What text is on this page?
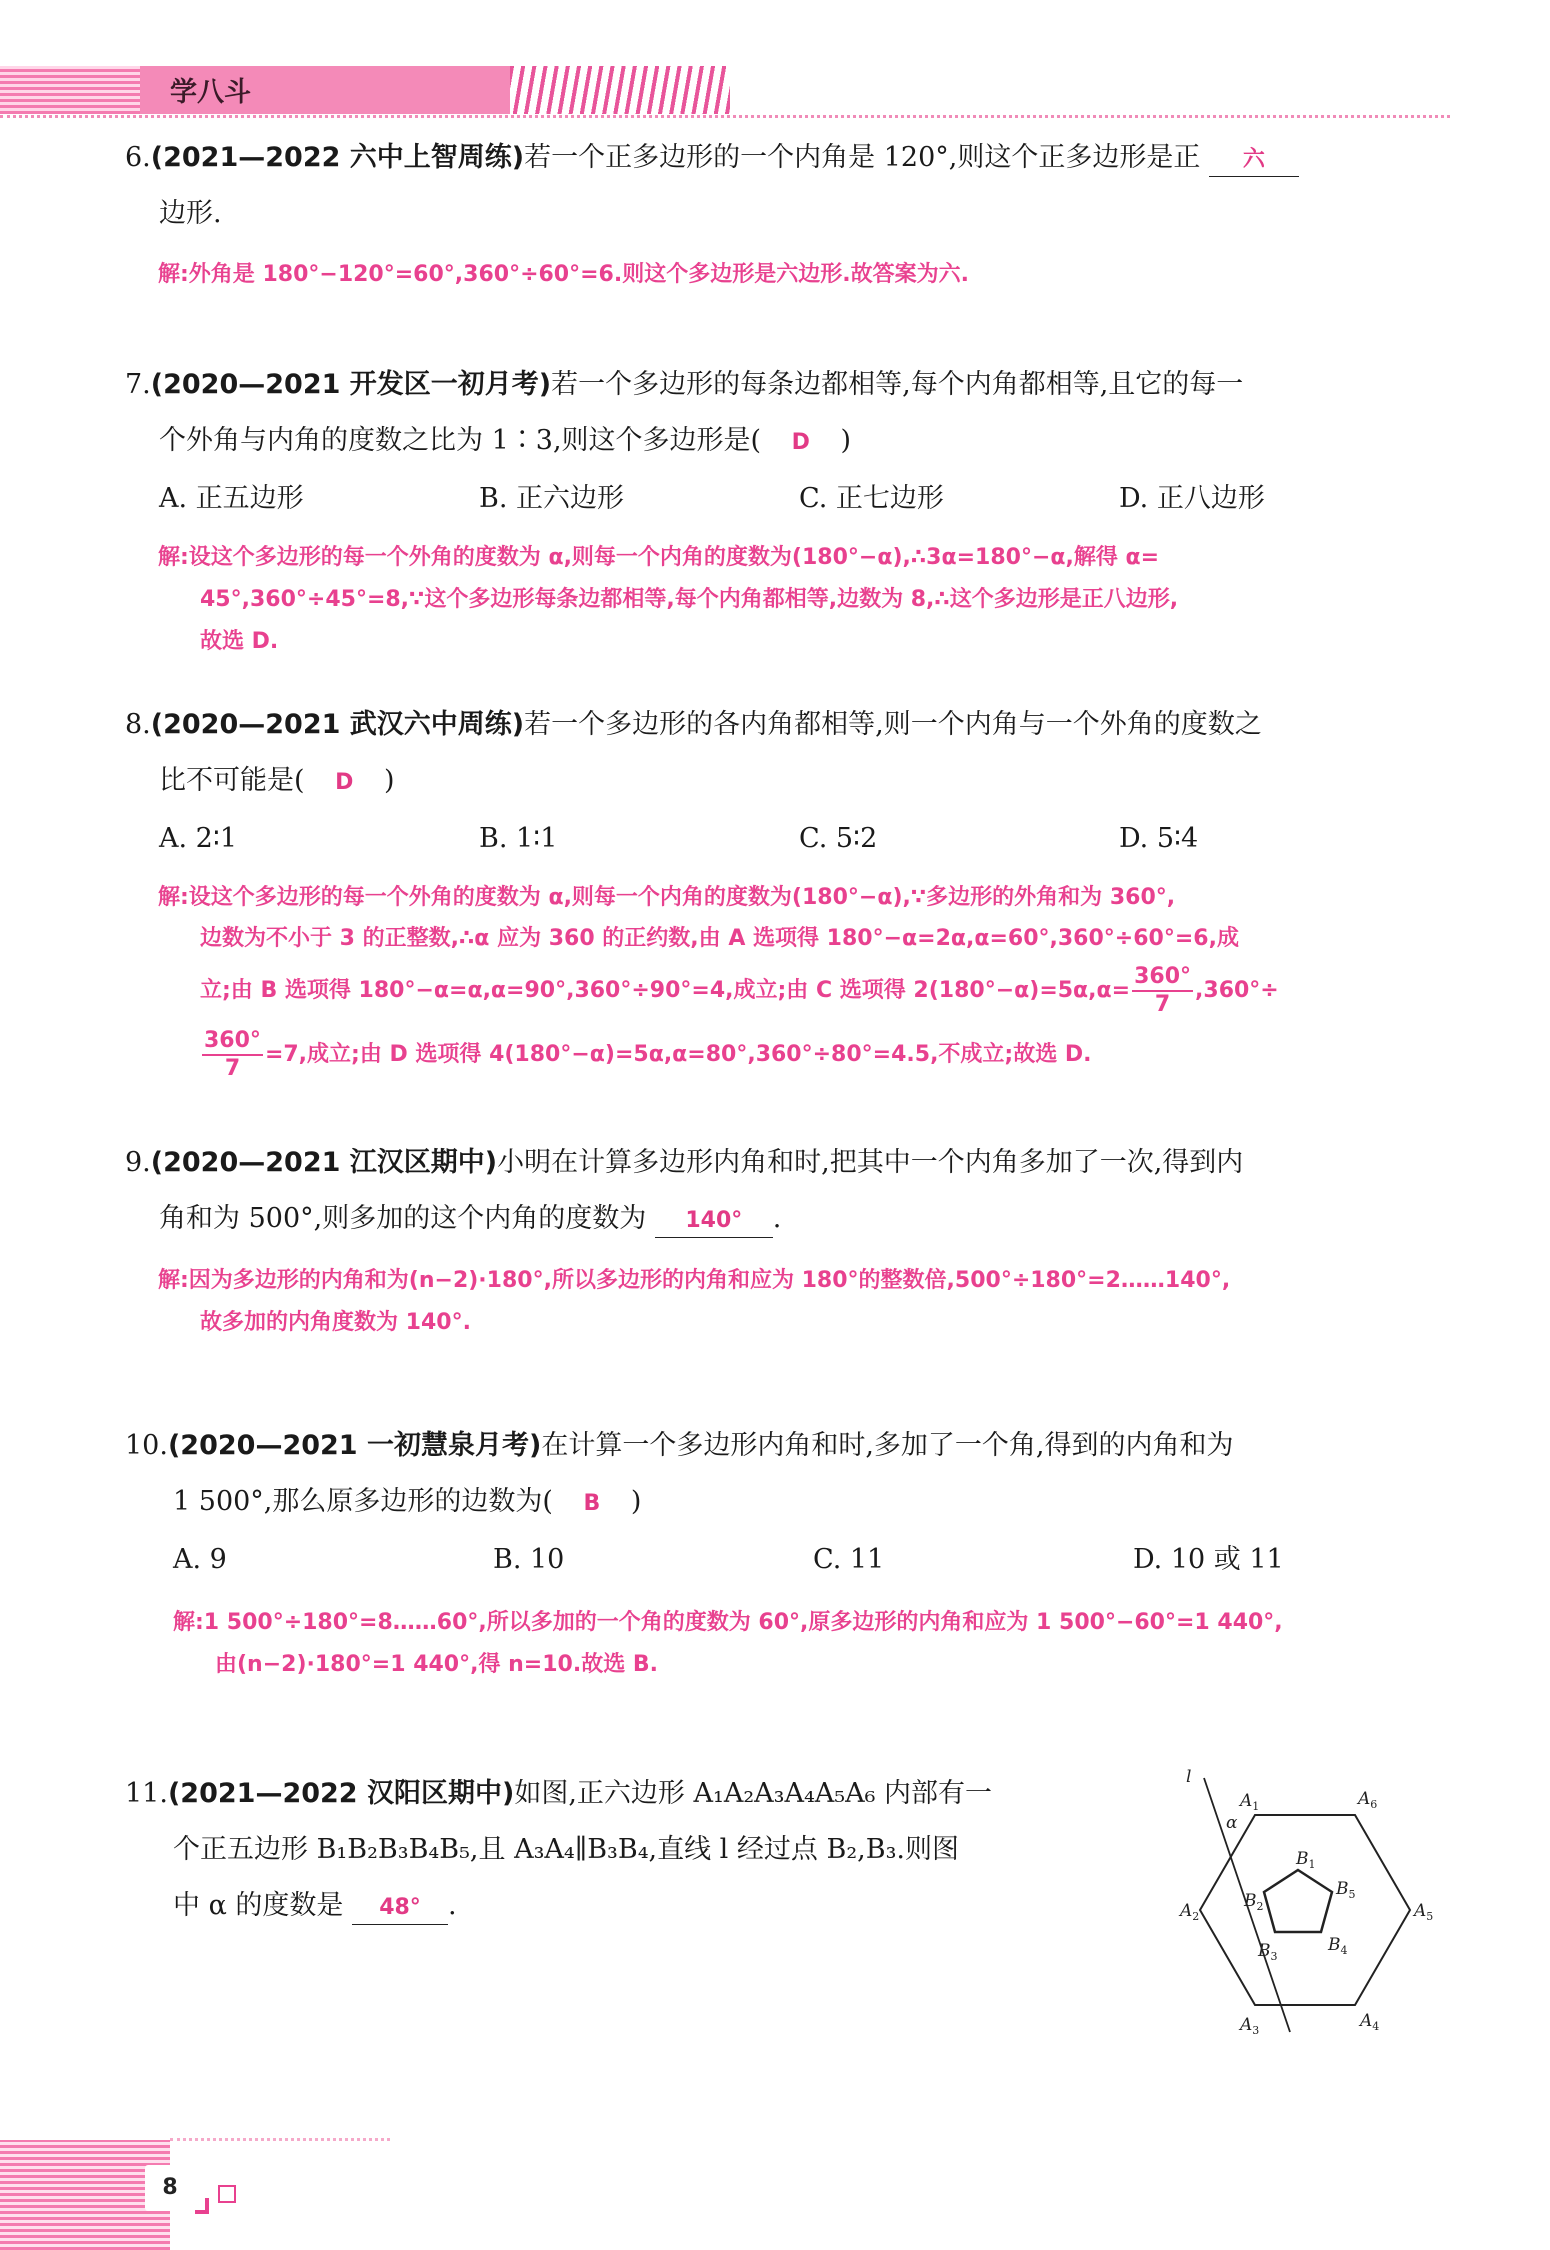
学八斗
6.(2021—2022 六中上智周练)若一个正多边形的一个内角是 120°,则这个正多边形是正 六
边形.
解:外角是 180°−120°=60°,360°÷60°=6.则这个多边形是六边形.故答案为六.
7.(2020—2021 开发区一初月考)若一个多边形的每条边都相等,每个内角都相等,且它的每一
个外角与内角的度数之比为 1∶3,则这个多边形是( D )
A. 正五边形	B. 正六边形	C. 正七边形	D. 正八边形
解:设这个多边形的每一个外角的度数为 α,则每一个内角的度数为(180°−α),∴3α=180°−α,解得 α=
45°,360°÷45°=8,∵这个多边形每条边都相等,每个内角都相等,边数为 8,∴这个多边形是正八边形,
故选 D.
8.(2020—2021 武汉六中周练)若一个多边形的各内角都相等,则一个内角与一个外角的度数之
比不可能是( D )
A. 2∶1	B. 1∶1	C. 5∶2	D. 5∶4
解:设这个多边形的每一个外角的度数为 α,则每一个内角的度数为(180°−α),∵多边形的外角和为 360°,
边数为不小于 3 的正整数,∴α 应为 360 的正约数,由 A 选项得 180°−α=2α,α=60°,360°÷60°=6,成
立;由 B 选项得 180°−α=α,α=90°,360°÷90°=4,成立;由 C 选项得 $2(180^\circ-\alpha)=5\alpha,\alpha= \frac{360^\circ}{7} ,360^\circ\div$
$\frac{360^\circ}{7} =7$,成立;由 D 选项得 4(180°−α)=5α,α=80°,360°÷80°=4.5,不成立;故选 D.
9.(2020—2021 江汉区期中)小明在计算多边形内角和时,把其中一个内角多加了一次,得到内
角和为 500°,则多加的这个内角的度数为 140° .
解:因为多边形的内角和为(n−2)·180°,所以多边形的内角和应为 180°的整数倍,500°÷180°=2……140°,
故多加的内角度数为 140°.
10.(2020—2021 一初慧泉月考)在计算一个多边形内角和时,多加了一个角,得到的内角和为
1 500°,那么原多边形的边数为( B )
A. 9	B. 10	C. 11	D. 10 或 11
解:1 500°÷180°=8……60°,所以多加的一个角的度数为 60°,原多边形的内角和应为 1 500°−60°=1 440°,
由(n−2)·180°=1 440°,得 n=10.故选 B.
11.(2021—2022 汉阳区期中)如图,正六边形 A₁A₂A₃A₄A₅A₆ 内部有一
个正五边形 B₁B₂B₃B₄B₅,且 A₃A₄∥B₃B₄,直线 l 经过点 B₂,B₃.则图
中 α 的度数是 48° .
l
α
$A_1$	$A_6$
$A_2$	$A_5$
$A_3$	$A_4$
$B_1$
$B_2$
$B_3$
$B_4$
$B_5$
8
